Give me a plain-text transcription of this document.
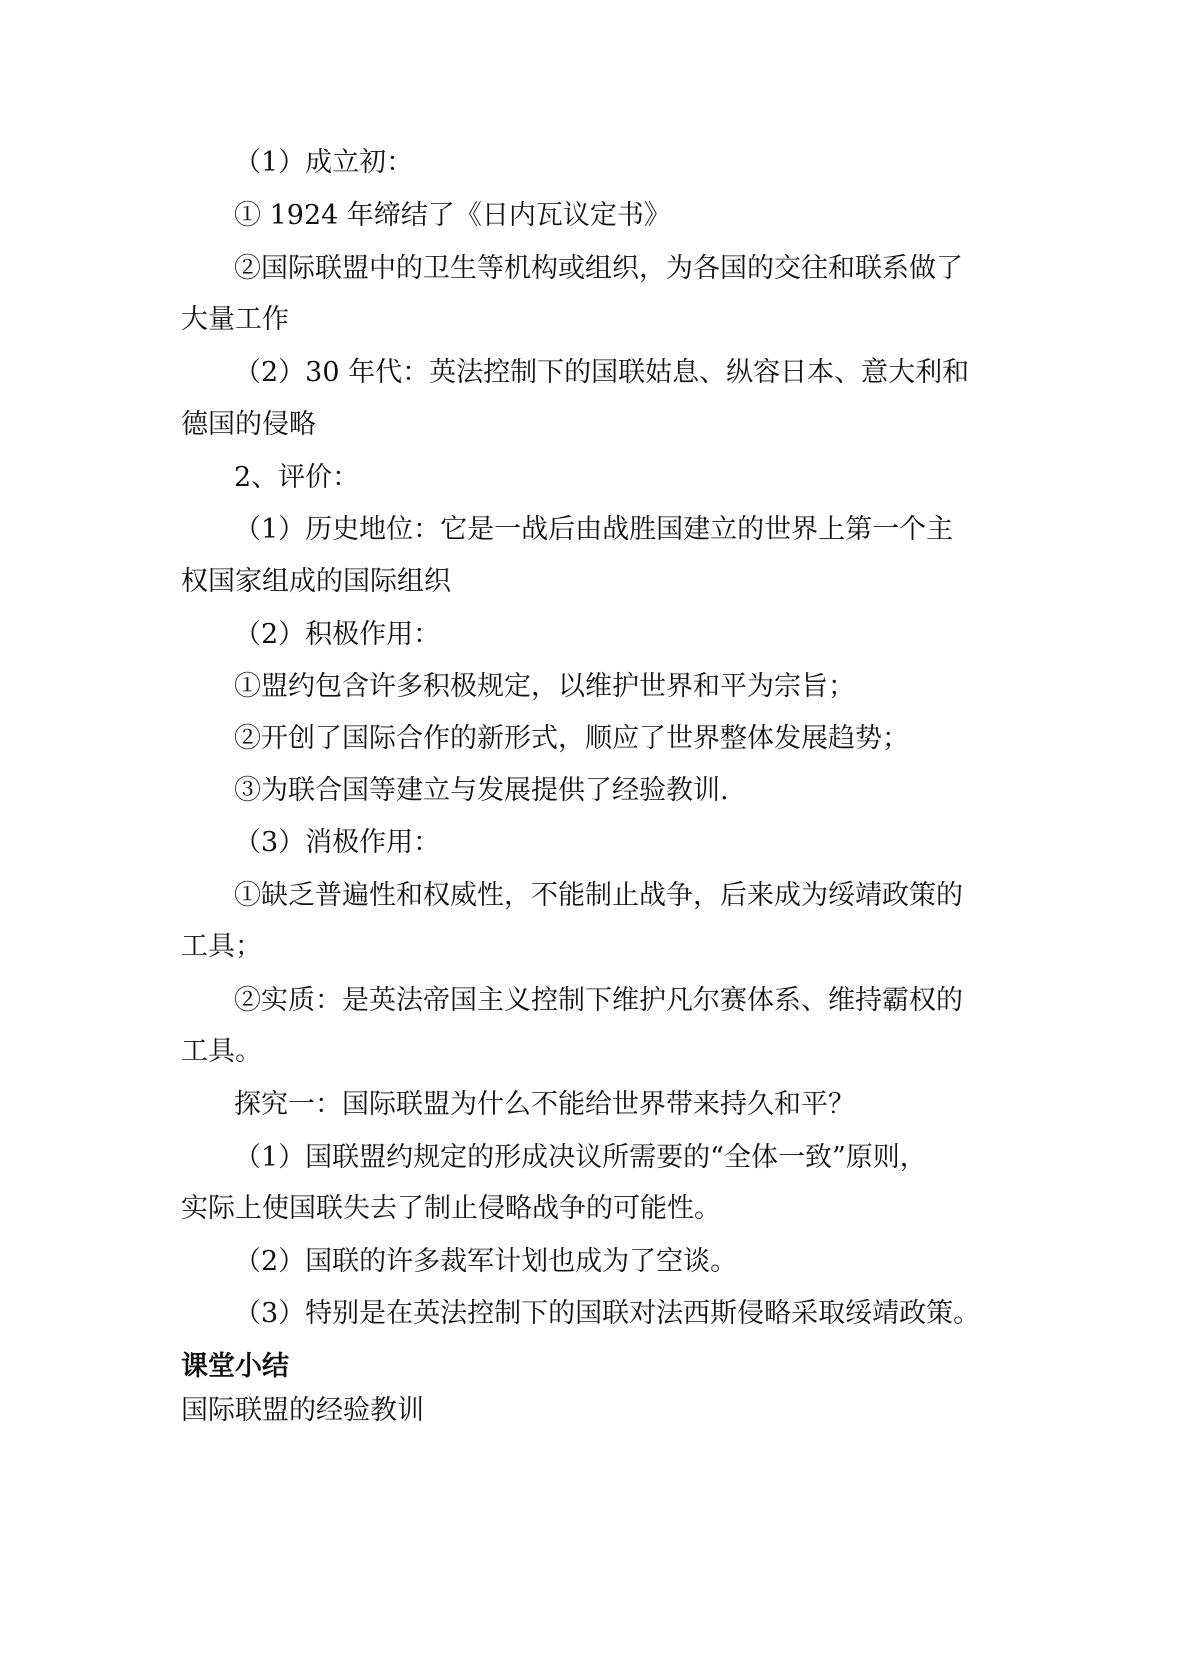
（1）成立初：
① 1924 年缔结了《日内瓦议定书》
②国际联盟中的卫生等机构或组织，为各国的交往和联系做了
大量工作
（2）30 年代：英法控制下的国联姑息、纵容日本、意大利和
德国的侵略
2、评价：
（1）历史地位：它是一战后由战胜国建立的世界上第一个主
权国家组成的国际组织
（2）积极作用：
①盟约包含许多积极规定，以维护世界和平为宗旨；
②开创了国际合作的新形式，顺应了世界整体发展趋势；
③为联合国等建立与发展提供了经验教训.
（3）消极作用：
①缺乏普遍性和权威性，不能制止战争，后来成为绥靖政策的
工具；
②实质：是英法帝国主义控制下维护凡尔赛体系、维持霸权的
工具。
探究一：国际联盟为什么不能给世界带来持久和平？
（1）国联盟约规定的形成决议所需要的“全体一致”原则，
实际上使国联失去了制止侵略战争的可能性。
（2）国联的许多裁军计划也成为了空谈。
（3）特别是在英法控制下的国联对法西斯侵略采取绥靖政策。
课堂小结
国际联盟的经验教训
